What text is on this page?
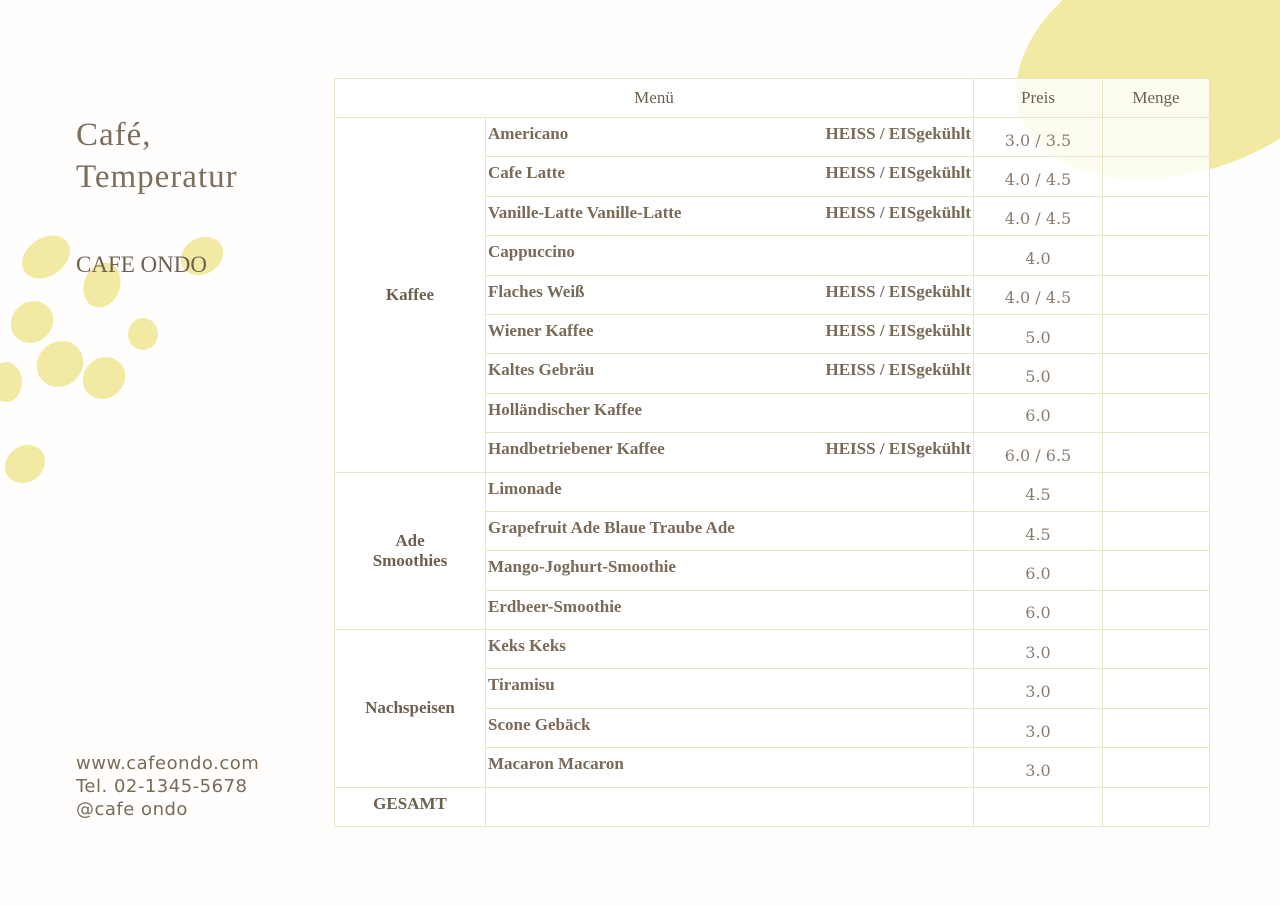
Café,
Temperatur
CAFE ONDO
www.cafeondo.com
Tel. 02-1345-5678
@cafe ondo
Menü		Preis	Menge
Kaffee	Americano HEISS / EISgekühlt	3.0 / 3.5	

	Cafe Latte HEISS / EISgekühlt	4.0 / 4.5	

	Vanille-Latte Vanille-Latte HEISS / EISgekühlt	4.0 / 4.5	

	Cappuccino	4.0	

	Flaches Weiß HEISS / EISgekühlt	4.0 / 4.5	

	Wiener Kaffee HEISS / EISgekühlt	5.0	

	Kaltes Gebräu HEISS / EISgekühlt	5.0	

	Holländischer Kaffee	6.0	

	Handbetriebener Kaffee HEISS / EISgekühlt	6.0 / 6.5	
Ade
Smoothies	Limonade	4.5	

	Grapefruit Ade Blaue Traube Ade	4.5	

	Mango-Joghurt-Smoothie	6.0	

	Erdbeer-Smoothie	6.0	
Nachspeisen	Keks Keks	3.0	

	Tiramisu	3.0	

	Scone Gebäck	3.0	

	Macaron Macaron	3.0	
GESAMT			
